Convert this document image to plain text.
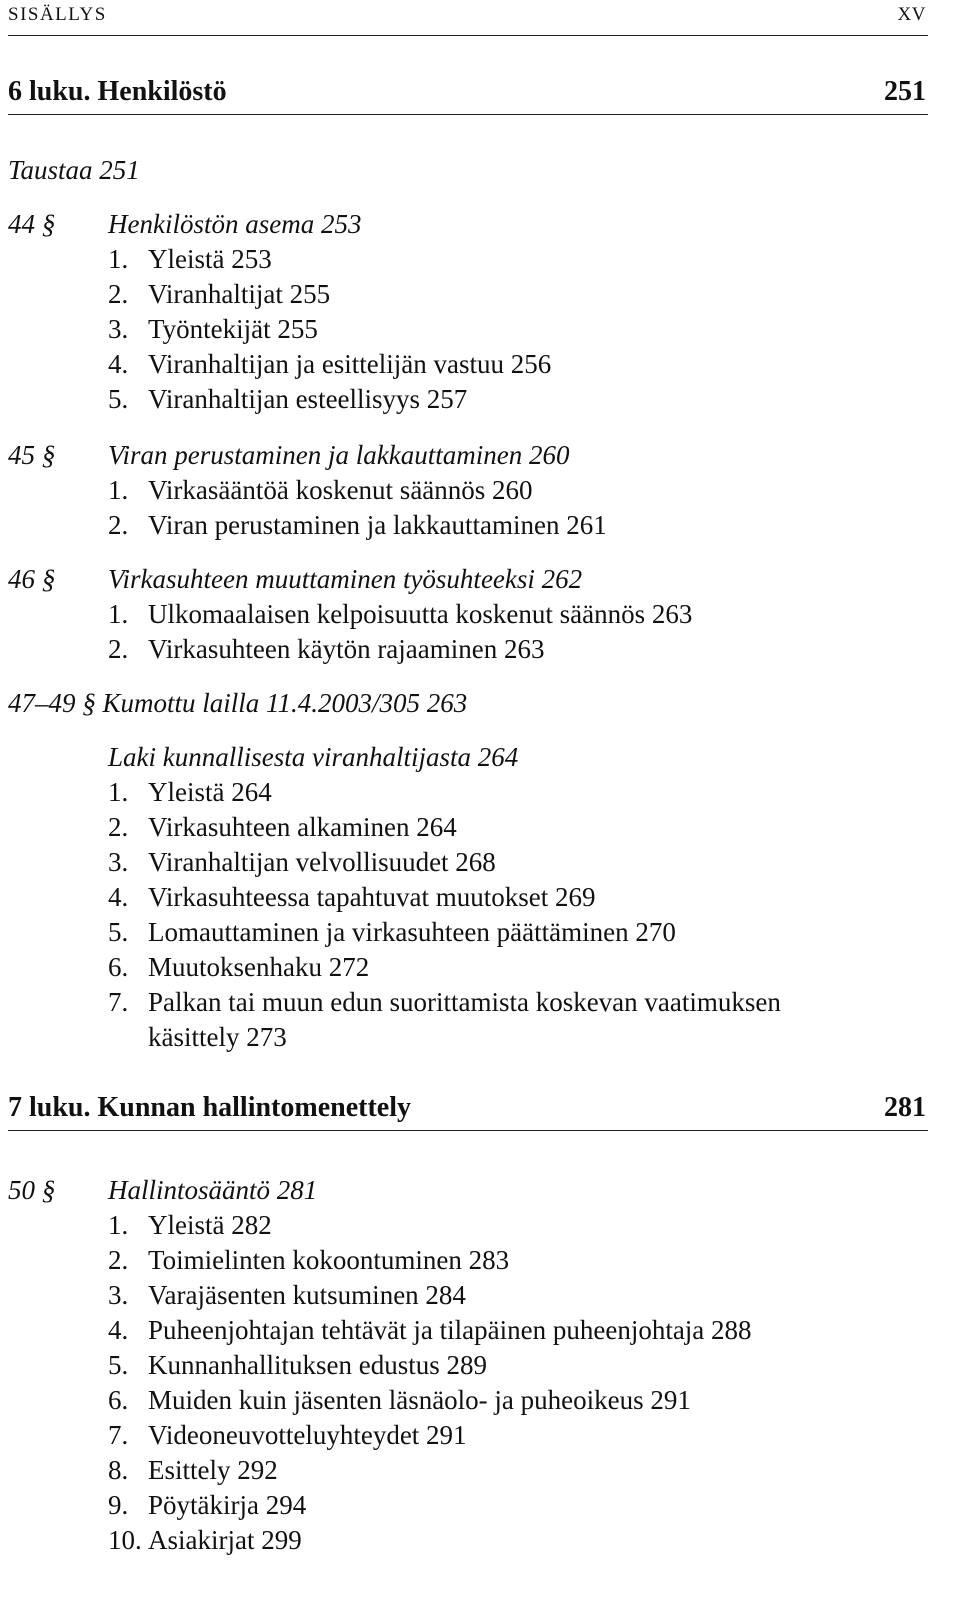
SISÄLLYS	XV
6 luku. Henkilöstö	251
Taustaa 251
44 § Henkilöstön asema 253
1. Yleistä 253
2. Viranhaltijat 255
3. Työntekijät 255
4. Viranhaltijan ja esittelijän vastuu 256
5. Viranhaltijan esteellisyys 257
45 § Viran perustaminen ja lakkauttaminen 260
1. Virkasääntöä koskenut säännös 260
2. Viran perustaminen ja lakkauttaminen 261
46 § Virkasuhteen muuttaminen työsuhteeksi 262
1. Ulkomaalaisen kelpoisuutta koskenut säännös 263
2. Virkasuhteen käytön rajaaminen 263
47–49 § Kumottu lailla 11.4.2003/305 263
Laki kunnallisesta viranhaltijasta 264
1. Yleistä 264
2. Virkasuhteen alkaminen 264
3. Viranhaltijan velvollisuudet 268
4. Virkasuhteessa tapahtuvat muutokset 269
5. Lomauttaminen ja virkasuhteen päättäminen 270
6. Muutoksenhaku 272
7. Palkan tai muun edun suorittamista koskevan vaatimuksen
käsittely 273
7 luku. Kunnan hallintomenettely	281
50 § Hallintosääntö 281
1. Yleistä 282
2. Toimielinten kokoontuminen 283
3. Varajäsenten kutsuminen 284
4. Puheenjohtajan tehtävät ja tilapäinen puheenjohtaja 288
5. Kunnanhallituksen edustus 289
6. Muiden kuin jäsenten läsnäolo- ja puheoikeus 291
7. Videoneuvotteluyhteydet 291
8. Esittely 292
9. Pöytäkirja 294
10. Asiakirjat 299
